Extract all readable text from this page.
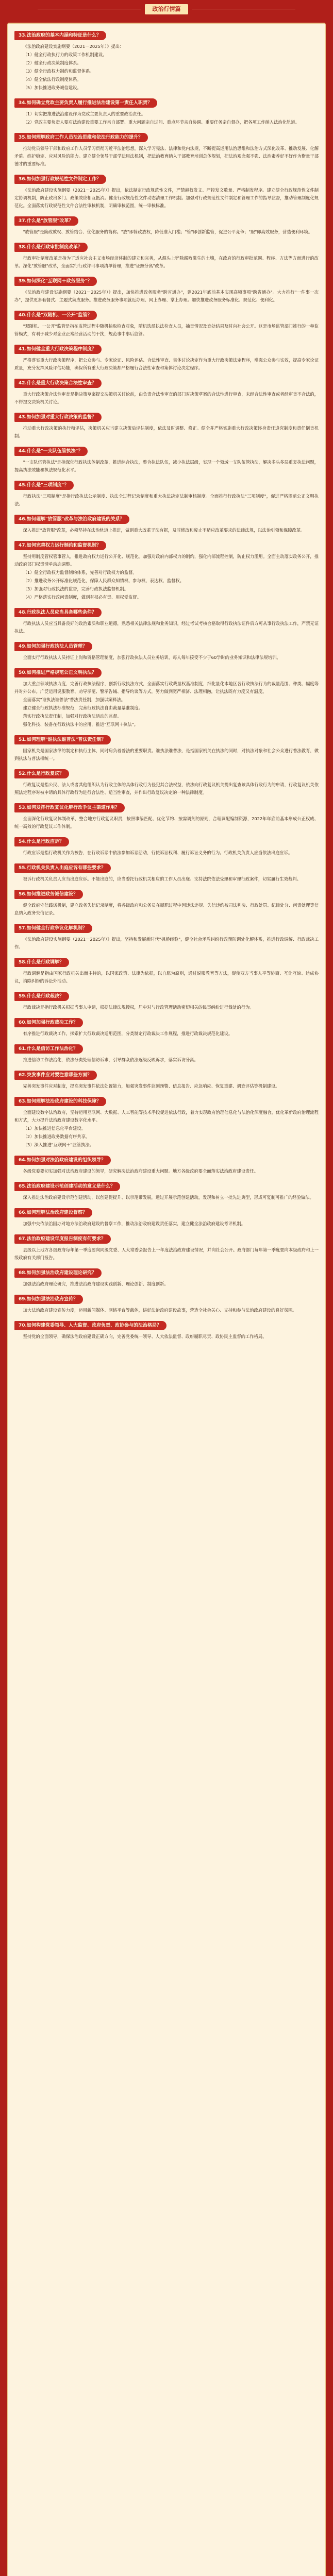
政治行情篇
33.法治政府的基本内涵和特征是什么？

《法治政府建设实施纲要（2021－2025年）》提出：

（1）健全行政执行力的政策工作机制建设。

（2）健全行政决策制度体系。

（3）健全行政权力制约和监督体系。

（4）健全依法行政制度体系。

（5）加快推进政务诚信建设。

34.如何确立党政主要负责人履行推进法治建设第一责任人职责？

（1）切实把推进法治建设作为党政主要负责人的重要政治责任。

（2）党政主要负责人要对法治建设重要工作亲自部署、重大问题亲自过问、重点环节亲自协调、重要任务亲自督办，把各项工作纳入法治化轨道。

35.如何理解政府工作人员法治思维和依法行政能力的提升？

推动党员领导干部和政府工作人员学习贯彻习近平法治思想，深入学习宪法、法律和党内法规，不断提高运用法治思维和法治方式深化改革、推动发展、化解矛盾、维护稳定、应对风险的能力。建立健全领导干部学法用法机制，把法治教育纳入干部教育培训总体规划，把法治观念强不强、法治素养好不好作为衡量干部德才的重要标准。

36.如何加强行政规范性文件制定工作？

《法治政府建设实施纲要（2021－2025年）》提出，依法制定行政规范性文件，严禁越权发文、严控发文数量、严格制发程序。建立健全行政规范性文件制定协调机制，防止政出多门、政策效应相互抵消。健全行政规范性文件动态清理工作机制。加强对行政规范性文件制定和管理工作的指导监督，推动管理制度化规范化。全面落实行政规范性文件合法性审核机制，明确审核范围，统一审核标准。

37.什么是"放管服"改革？

"放管服"是简政放权、放管结合、优化服务的简称。"放"即简政放权，降低准入门槛；"管"即创新监管，促进公平竞争；"服"即高效服务，营造便利环境。

38.什么是行政审批制度改革？

行政审批制度改革是指为了适应社会主义市场经济体制的建立和完善，从源头上铲除腐败滋生的土壤，在政府的行政审批范围、程序、方法等方面进行的改革。深化"放管服"改革，全面实行行政许可事项清单管理，推进"证照分离"改革。

39.如何深化"互联网＋政务服务"？

《法治政府建设实施纲要（2021－2025年）》提出，加快推进政务服务"跨省通办"，到2021年底前基本实现高频事项"跨省通办"。大力推行"一件事一次办"，提供更多套餐式、主题式集成服务。推进政务服务事项就近办理、网上办理、掌上办理。加快推进政务服务标准化、规范化、便利化。

40.什么是"双随机、一公开"监管？

"双随机、一公开"监管是指在监管过程中随机抽取检查对象，随机选派执法检查人员，抽查情况及查处结果及时向社会公开。这是市场监管部门推行的一种监管模式，有利于减少对企业正常经营活动的干扰，规范事中事后监管。

41.如何健全重大行政决策程序制度？

严格落实重大行政决策程序，把公众参与、专家论证、风险评估、合法性审查、集体讨论决定作为重大行政决策法定程序，增强公众参与实效，提高专家论证质量，充分发挥风险评估功能，确保所有重大行政决策都严格履行合法性审查和集体讨论决定程序。

42.什么是重大行政决策合法性审查？

重大行政决策合法性审查是指决策草案提交决策机关讨论前，由负责合法性审查的部门对决策草案的合法性进行审查，未经合法性审查或者经审查不合法的，不得提交决策机关讨论。

43.如何加强对重大行政决策的监督？

推动重大行政决策的执行和评估，决策机关应当建立决策后评估制度，依法及时调整、修正。健全并严格实施重大行政决策终身责任追究制度和责任倒查机制。

44.什么是"一支队伍管执法"？

"一支队伍管执法"是指深化行政执法体制改革，推进综合执法，整合执法队伍，减少执法层级，实现一个领域一支队伍管执法，解决多头多层重复执法问题，提高执法效能和执法规范化水平。

45.什么是"三项制度"？

行政执法"三项制度"是指行政执法公示制度、执法全过程记录制度和重大执法决定法制审核制度。全面推行行政执法"三项制度"，促进严格规范公正文明执法。

46.如何理解"放管服"改革与法治政府建设的关系？

深入推进"放管服"改革，必须坚持在法治轨道上推进，做到重大改革于法有据，及时修改和废止不适应改革要求的法律法规，以法治引领和保障改革。

47.如何完善权力运行制约和监督机制？

坚持用制度管权管事管人，推进政府权力运行公开化、规范化。加强对政府内部权力的制约，强化内部流程控制，防止权力滥用。全面主动落实政务公开，推动政府部门权责清单动态调整。

（1）健全行政权力监督制约体系，完善对行政权力的监督。

（2）推进政务公开标准化规范化，保障人民群众知情权、参与权、表达权、监督权。

（3）加强对行政执法的监督，完善行政执法监督机制。

（4）严格落实行政问责制度，做到有权必有责、用权受监督。

48.行政执法人员应当具备哪些条件？

行政执法人员应当具备良好的政治素质和职业道德，熟悉相关法律法规和业务知识，经过考试考核合格取得行政执法证件后方可从事行政执法工作，严禁无证执法。

49.如何加强行政执法人员管理？

全面实行行政执法人员持证上岗和资格管理制度，加强行政执法人员业务培训，每人每年接受不少于60学时的业务知识和法律法规培训。

50.如何推进严格规范公正文明执法？

加大重点领域执法力度，完善行政执法程序，创新行政执法方式，全面落实行政裁量权基准制度，细化量化本地区各行政执法行为的裁量范围、种类、幅度等并对外公布。广泛运用说服教育、劝导示范、警示告诫、指导约谈等方式，努力做到宽严相济、法理相融，让执法既有力度又有温度。

全面落实"谁执法谁普法"普法责任制，加强以案释法。

建立健全行政执法标准规范，完善行政执法自由裁量基准制度。

落实行政执法责任制，加强对行政执法活动的监督。

强化科技、装备在行政执法中的应用，推进"互联网＋执法"。

51.如何理解"谁执法谁普法"普法责任制？

国家机关是国家法律的制定和执行主体，同时肩负着普法的重要职责。谁执法谁普法，是指国家机关在执法的同时，对执法对象和社会公众进行普法教育，做到执法与普法相统一。

52.什么是行政复议？

行政复议是指公民、法人或者其他组织认为行政主体的具体行政行为侵犯其合法权益，依法向行政复议机关提出复查该具体行政行为的申请，行政复议机关依照法定程序对被申请的具体行政行为进行合法性、适当性审查，并作出行政复议决定的一种法律制度。

53.如何发挥行政复议化解行政争议主渠道作用？

全面深化行政复议体制改革，整合地方行政复议职责，按照事编匹配、优化节约、按需调剂的原则，合理调配编制资源，2022年年底前基本形成公正权威、统一高效的行政复议工作体制。

54.什么是行政应诉？

行政应诉是指行政机关作为被告，在行政诉讼中依法参加诉讼活动，行使诉讼权利、履行诉讼义务的行为。行政机关负责人应当依法出庭应诉。

55.行政机关负责人出庭应诉有哪些要求？

被诉行政机关负责人应当出庭应诉。不能出庭的，应当委托行政机关相应的工作人员出庭。支持法院依法受理和审理行政案件，切实履行生效裁判。

56.如何推进政务诚信建设？

健全政府守信践诺机制，建立政务失信记录制度，将各级政府和公务员在履职过程中因违法违规、失信违约被司法判决、行政处罚、纪律处分、问责处理等信息纳入政务失信记录。

57.如何健全行政争议化解机制？

《法治政府建设实施纲要（2021－2025年）》提出，坚持和发展新时代"枫桥经验"，健全社会矛盾纠纷行政预防调处化解体系，推进行政调解、行政裁决工作。

58.什么是行政调解？

行政调解是指由国家行政机关出面主持的，以国家政策、法律为依据，以自愿为原则，通过说服教育等方法，促使双方当事人平等协商、互让互谅、达成协议，消除纠纷的诉讼外活动。

59.什么是行政裁决？

行政裁决是指行政机关根据当事人申请，根据法律法规授权，居中对与行政管理活动密切相关的民事纠纷进行裁处的行为。

60.如何加强行政裁决工作？

有序推进行政裁决工作，探索扩大行政裁决适用范围，分类制定行政裁决工作规程，推进行政裁决规范化建设。

61.什么是信访工作法治化？

推进信访工作法治化，依法分类处理信访诉求，引导群众依法逐级反映诉求，落实诉访分离。

62.突发事件应对要注意哪些方面？

完善突发事件应对制度，提高突发事件依法处置能力，加强突发事件监测预警、信息报告、应急响应、恢复重建、调查评估等机制建设。

63.如何理解法治政府建设的科技保障？

全面建设数字法治政府，坚持运用互联网、大数据、人工智能等技术手段促进依法行政，着力实现政府治理信息化与法治化深度融合，优化革新政府治理流程和方式，大力提升法治政府建设数字化水平。

（1）加快推进信息化平台建设。

（2）加快推进政务数据有序共享。

（3）深入推进"互联网＋"监管执法。

64.如何加强对法治政府建设的组织领导？

各级党委要切实加强对法治政府建设的领导，研究解决法治政府建设重大问题。地方各级政府要全面落实法治政府建设责任。

65.法治政府建设示范创建活动的意义是什么？

深入推进法治政府建设示范创建活动，以创建促提升、以示范带发展，通过开展示范创建活动，发现和树立一批先进典型，形成可复制可推广的经验做法。

66.如何理解法治政府建设督察？

加强中央依法治国办对地方法治政府建设的督察工作，推动法治政府建设责任落实，建立健全法治政府建设考评机制。

67.法治政府建设年度报告制度有何要求？

县级以上地方各级政府每年第一季度要向同级党委、人大常委会报告上一年度法治政府建设情况，并向社会公开。政府部门每年第一季度要向本级政府和上一级政府有关部门报告。

68.如何加强法治政府建设理论研究？

加强法治政府理论研究，推进法治政府建设实践创新、理论创新、制度创新。

69.如何加强法治政府宣传？

加大法治政府建设宣传力度，运用新闻媒体、网络平台等载体，讲好法治政府建设故事，营造全社会关心、支持和参与法治政府建设的良好氛围。

70.如何构建党委领导、人大监督、政府负责、政协参与的法治格局？

坚持党的全面领导，确保法治政府建设正确方向，完善党委统一领导、人大依法监督、政府履职尽责、政协民主监督的工作格局。
